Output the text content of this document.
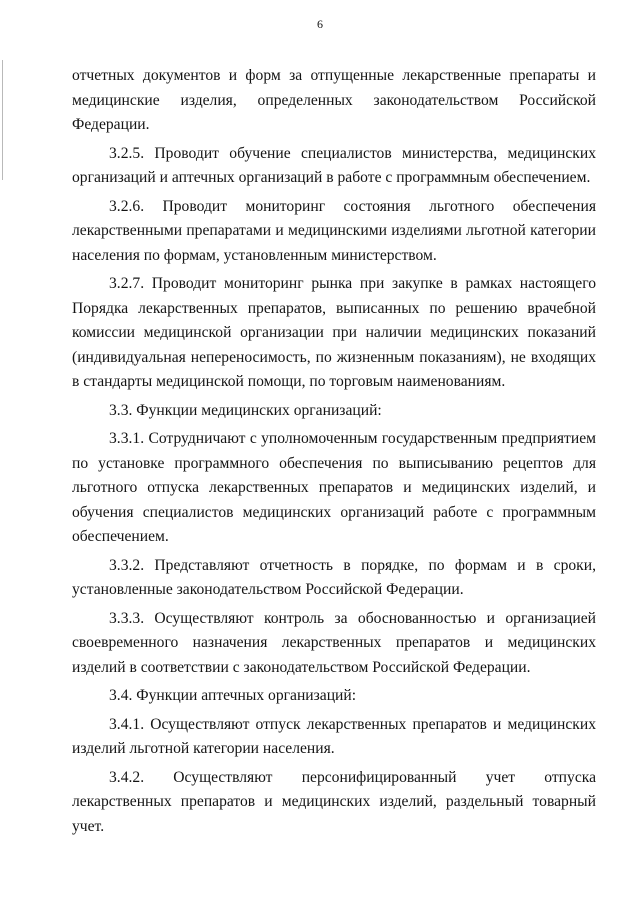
6

отчетных документов и форм за отпущенные лекарственные препараты и медицинские изделия, определенных законодательством Российской Федерации.

3.2.5. Проводит обучение специалистов министерства, медицинских организаций и аптечных организаций в работе с программным обеспечением.

3.2.6. Проводит мониторинг состояния льготного обеспечения лекарственными препаратами и медицинскими изделиями льготной категории населения по формам, установленным министерством.

3.2.7. Проводит мониторинг рынка при закупке в рамках настоящего Порядка лекарственных препаратов, выписанных по решению врачебной комиссии медицинской организации при наличии медицинских показаний (индивидуальная непереносимость, по жизненным показаниям), не входящих в стандарты медицинской помощи, по торговым наименованиям.

3.3. Функции медицинских организаций:

3.3.1. Сотрудничают с уполномоченным государственным предприятием по установке программного обеспечения по выписыванию рецептов для льготного отпуска лекарственных препаратов и медицинских изделий, и обучения специалистов медицинских организаций работе с программным обеспечением.

3.3.2. Представляют отчетность в порядке, по формам и в сроки, установленные законодательством Российской Федерации.

3.3.3. Осуществляют контроль за обоснованностью и организацией своевременного назначения лекарственных препаратов и медицинских изделий в соответствии с законодательством Российской Федерации.

3.4. Функции аптечных организаций:

3.4.1. Осуществляют отпуск лекарственных препаратов и медицинских изделий льготной категории населения.

3.4.2. Осуществляют персонифицированный учет отпуска лекарственных препаратов и медицинских изделий, раздельный товарный учет.
